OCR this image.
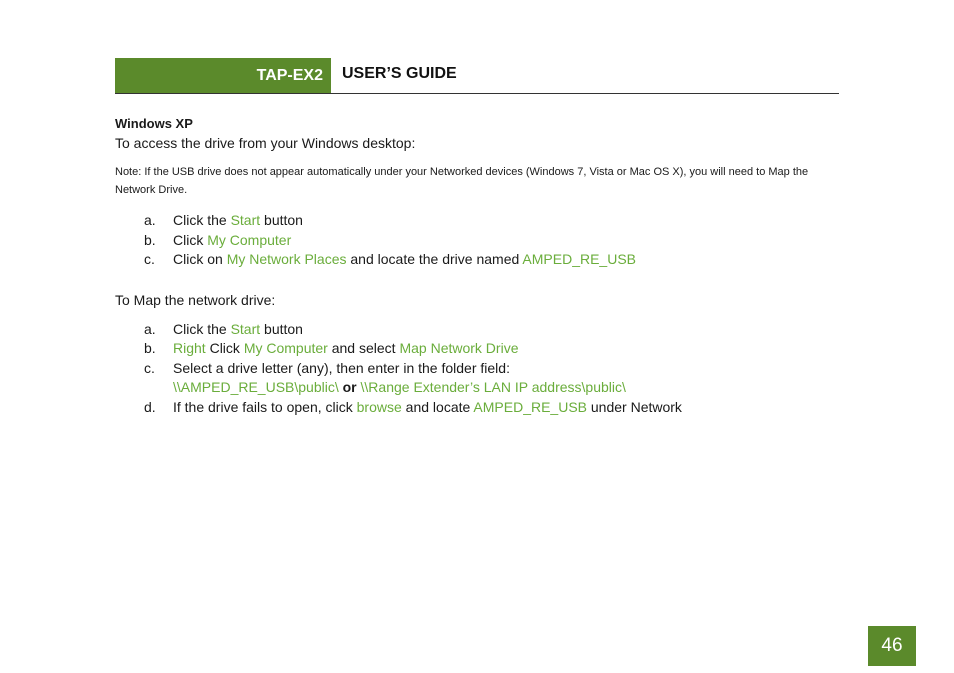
TAP-EX2 USER’S GUIDE

Windows XP

To access the drive from your Windows desktop:

Note: If the USB drive does not appear automatically under your Networked devices (Windows 7, Vista or Mac OS X), you will need to Map the Network Drive.

a.	Click the Start button
b.	Click My Computer
c.	Click on My Network Places and locate the drive named AMPED_RE_USB

To Map the network drive:

a.	Click the Start button
b.	Right Click My Computer and select Map Network Drive
c.	Select a drive letter (any), then enter in the folder field:
\\AMPED_RE_USB\public\ or \\Range Extender’s LAN IP address\public\
d.	If the drive fails to open, click browse and locate AMPED_RE_USB under Network
46
